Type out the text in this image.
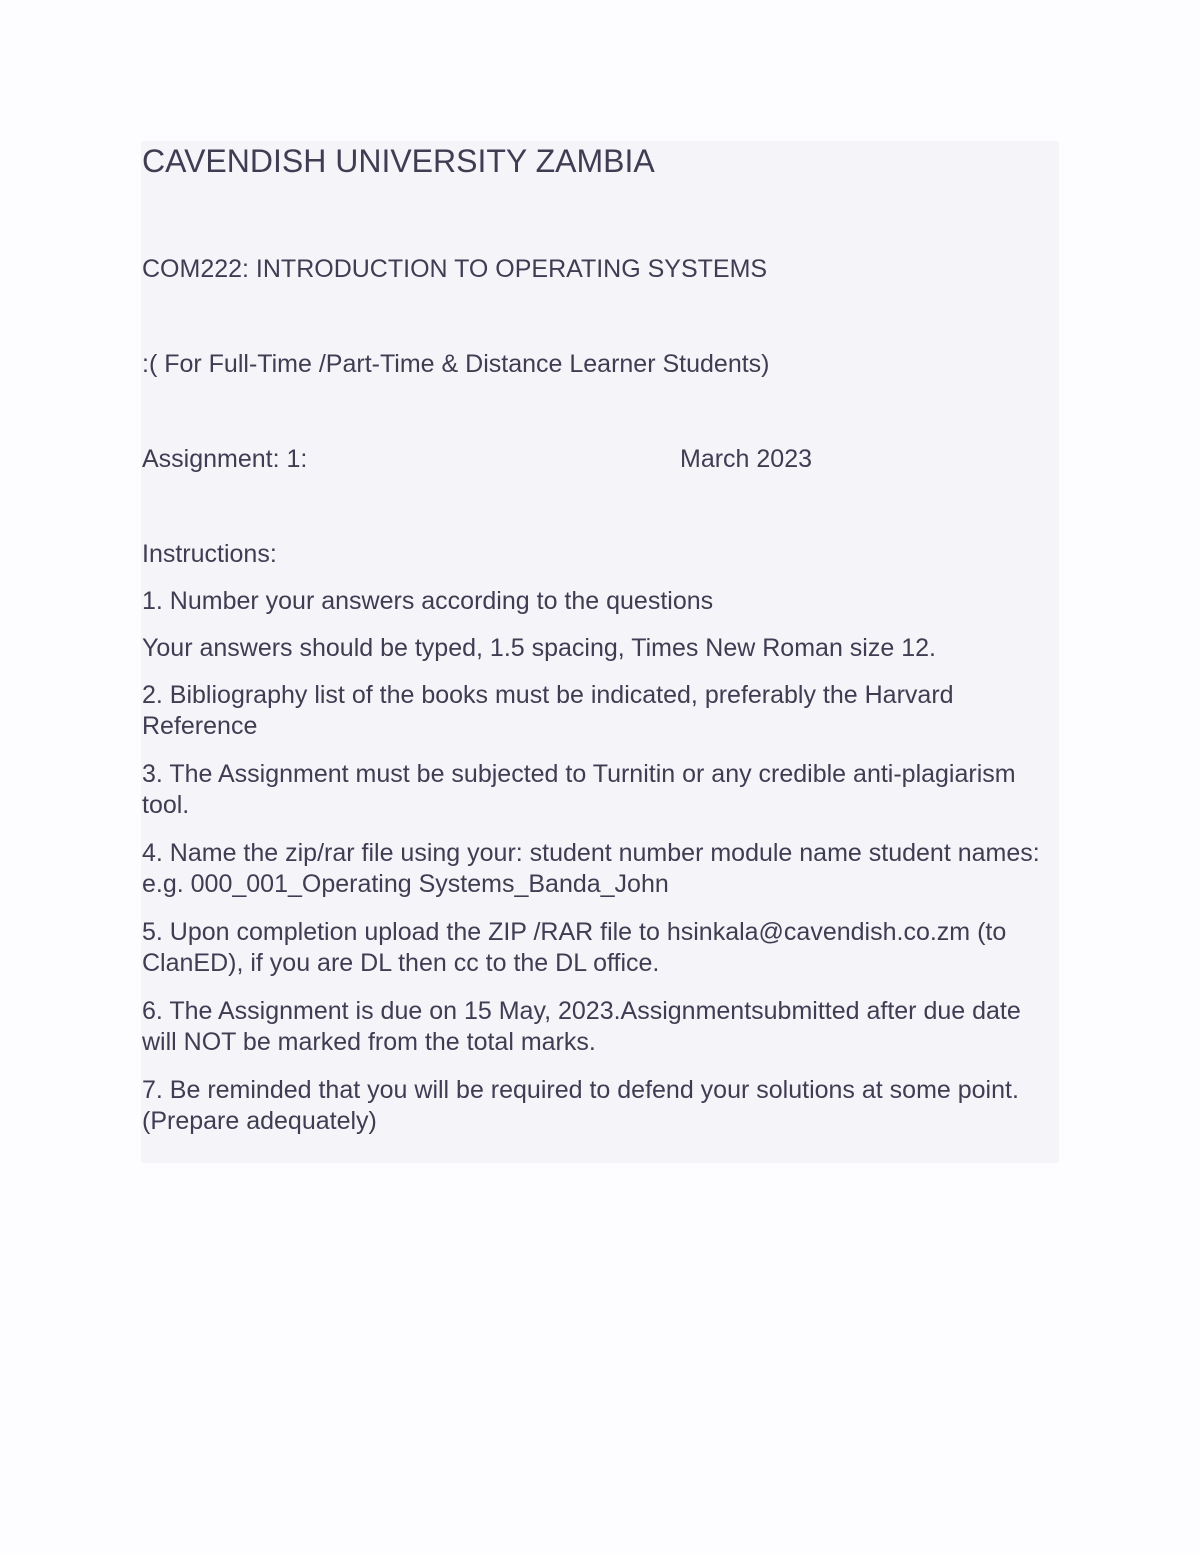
CAVENDISH UNIVERSITY ZAMBIA
COM222: INTRODUCTION TO OPERATING SYSTEMS
:( For Full-Time /Part-Time & Distance Learner Students)
Assignment: 1:	March 2023
Instructions:
1. Number your answers according to the questions
Your answers should be typed, 1.5 spacing, Times New Roman size 12.
2. Bibliography list of the books must be indicated, preferably the Harvard Reference
3. The Assignment must be subjected to Turnitin or any credible anti-plagiarism tool.
4. Name the zip/rar file using your: student number module name student names: e.g. 000_001_Operating Systems_Banda_John
5. Upon completion upload the ZIP /RAR file to hsinkala@cavendish.co.zm (to ClanED), if you are DL then cc to the DL office.
6. The Assignment is due on 15 May, 2023.Assignmentsubmitted after due date will NOT be marked from the total marks.
7. Be reminded that you will be required to defend your solutions at some point. (Prepare adequately)
